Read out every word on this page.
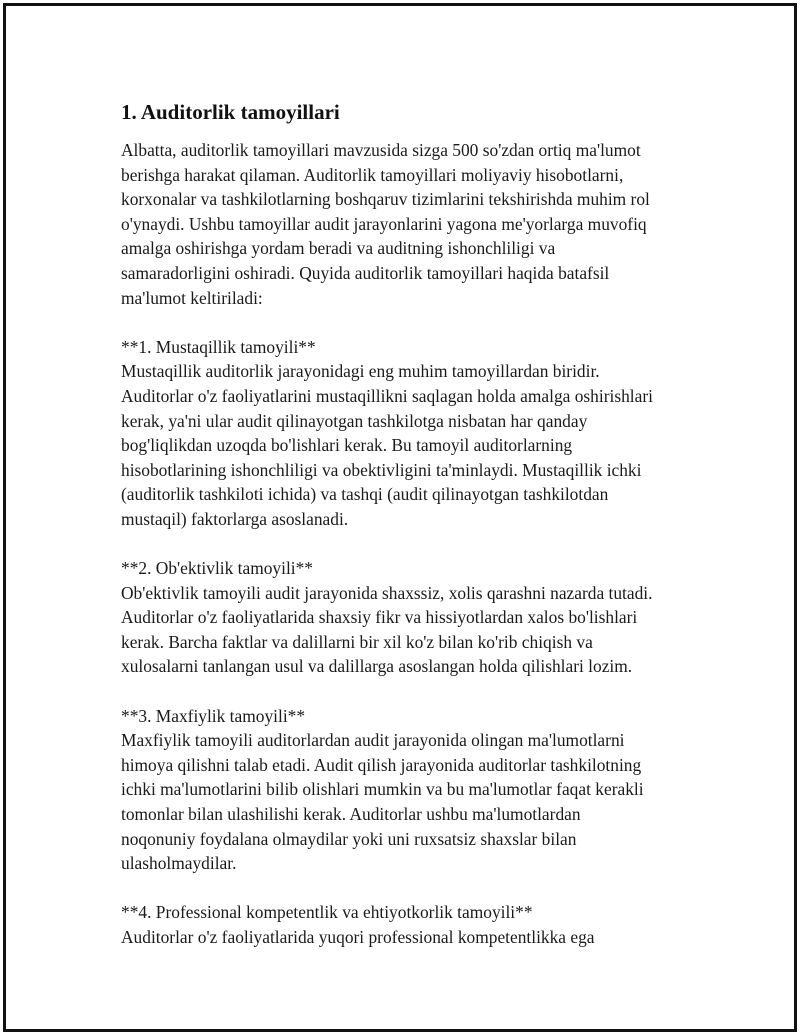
1. Auditorlik tamoyillari

Albatta, auditorlik tamoyillari mavzusida sizga 500 so'zdan ortiq ma'lumot
berishga harakat qilaman. Auditorlik tamoyillari moliyaviy hisobotlarni,
korxonalar va tashkilotlarning boshqaruv tizimlarini tekshirishda muhim rol
o'ynaydi. Ushbu tamoyillar audit jarayonlarini yagona me'yorlarga muvofiq
amalga oshirishga yordam beradi va auditning ishonchliligi va
samaradorligini oshiradi. Quyida auditorlik tamoyillari haqida batafsil
ma'lumot keltiriladi:

**1. Mustaqillik tamoyili**

Mustaqillik auditorlik jarayonidagi eng muhim tamoyillardan biridir.
Auditorlar o'z faoliyatlarini mustaqillikni saqlagan holda amalga oshirishlari
kerak, ya'ni ular audit qilinayotgan tashkilotga nisbatan har qanday
bog'liqlikdan uzoqda bo'lishlari kerak. Bu tamoyil auditorlarning
hisobotlarining ishonchliligi va obektivligini ta'minlaydi. Mustaqillik ichki
(auditorlik tashkiloti ichida) va tashqi (audit qilinayotgan tashkilotdan
mustaqil) faktorlarga asoslanadi.

**2. Ob'ektivlik tamoyili**

Ob'ektivlik tamoyili audit jarayonida shaxssiz, xolis qarashni nazarda tutadi.
Auditorlar o'z faoliyatlarida shaxsiy fikr va hissiyotlardan xalos bo'lishlari
kerak. Barcha faktlar va dalillarni bir xil ko'z bilan ko'rib chiqish va
xulosalarni tanlangan usul va dalillarga asoslangan holda qilishlari lozim.

**3. Maxfiylik tamoyili**

Maxfiylik tamoyili auditorlardan audit jarayonida olingan ma'lumotlarni
himoya qilishni talab etadi. Audit qilish jarayonida auditorlar tashkilotning
ichki ma'lumotlarini bilib olishlari mumkin va bu ma'lumotlar faqat kerakli
tomonlar bilan ulashilishi kerak. Auditorlar ushbu ma'lumotlardan
noqonuniy foydalana olmaydilar yoki uni ruxsatsiz shaxslar bilan
ulasholmaydilar.

**4. Professional kompetentlik va ehtiyotkorlik tamoyili**

Auditorlar o'z faoliyatlarida yuqori professional kompetentlikka ega
